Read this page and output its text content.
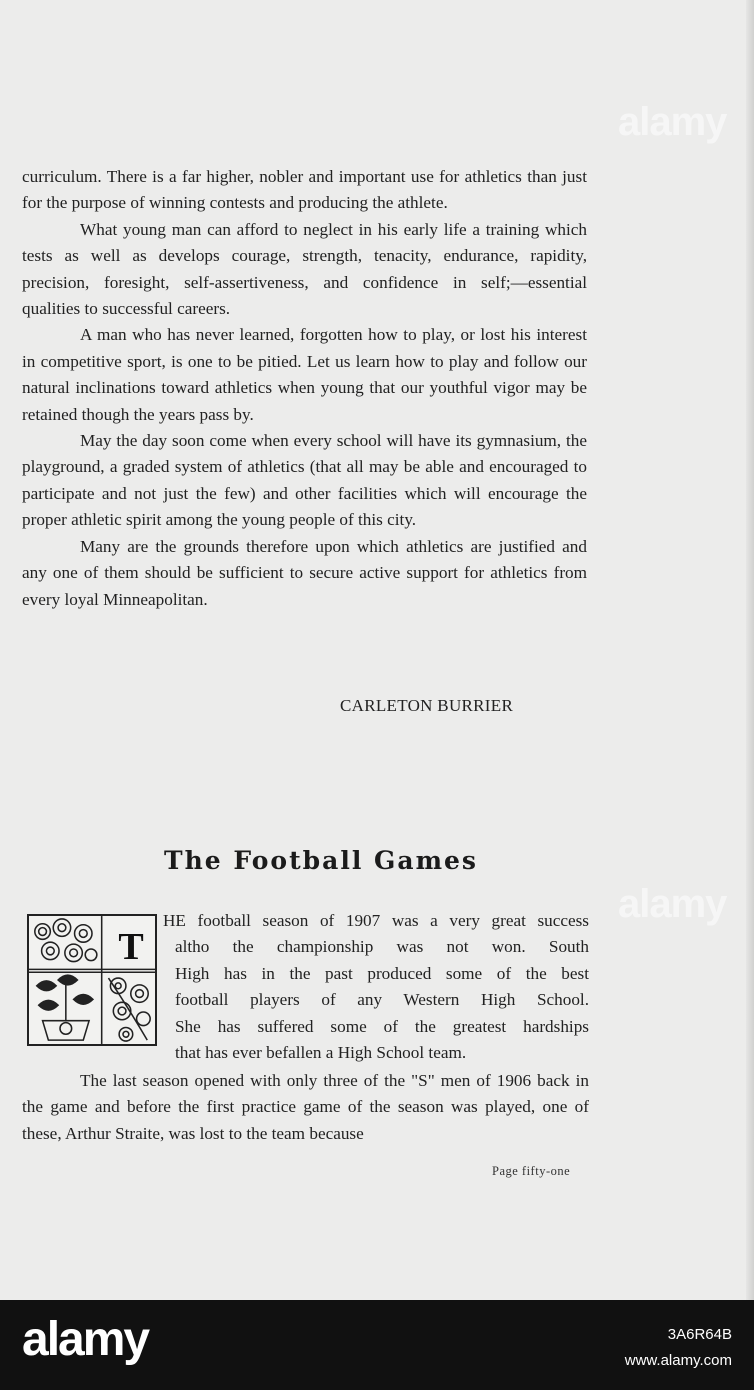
curriculum. There is a far higher, nobler and important use for athletics than just for the purpose of winning contests and producing the athlete.

What young man can afford to neglect in his early life a training which tests as well as develops courage, strength, tenacity, endurance, rapidity, precision, foresight, self-assertiveness, and confidence in self;—essential qualities to successful careers.

A man who has never learned, forgotten how to play, or lost his interest in competitive sport, is one to be pitied. Let us learn how to play and follow our natural inclinations toward athletics when young that our youthful vigor may be retained though the years pass by.

May the day soon come when every school will have its gymnasium, the playground, a graded system of athletics (that all may be able and encouraged to participate and not just the few) and other facilities which will encourage the proper athletic spirit among the young people of this city.

Many are the grounds therefore upon which athletics are justified and any one of them should be sufficient to secure active support for athletics from every loyal Minneapolitan.

CARLETON BURRIER
The Football Games
T
HE football season of 1907 was a very great success
altho the championship was not won. South
High has in the past produced some of the best
football players of any Western High School.
She has suffered some of the greatest hardships
that has ever befallen a High School team.

The last season opened with only three of the "S" men of 1906 back in the game and before the first practice game of the season was played, one of these, Arthur Straite, was lost to the team because

Page fifty-one
alamy
alamy
alamy	3A6R64B
www.alamy.com
